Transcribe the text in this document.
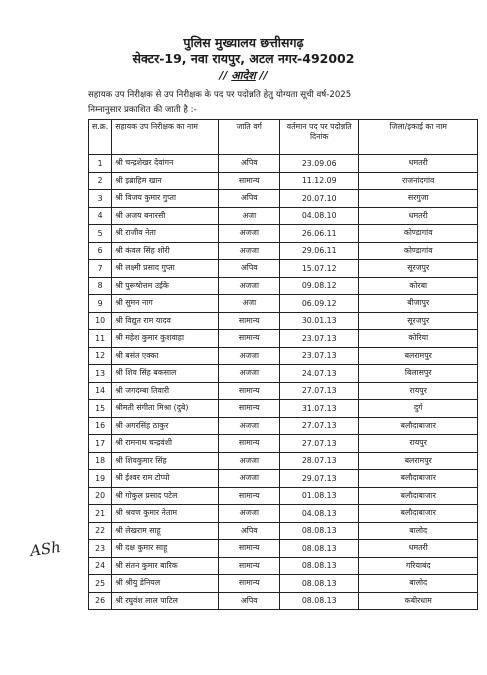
पुलिस मुख्यालय छत्तीसगढ़
सेक्टर-19, नवा रायपुर, अटल नगर-492002
// आदेश //
सहायक उप निरीक्षक से उप निरीक्षक के पद पर पदोन्नति हेतु योग्यता सूची वर्ष-2025
निम्नानुसार प्रकाशित की जाती है :-
स.क्र.	सहायक उप निरीक्षक का नाम	जाति वर्ग	वर्तमान पद पर पदोन्नति दिनांक	जिला/इकाई का नाम
1	श्री चन्द्रशेखर देवांगन	अपिव	23.09.06	धमतरी
2	श्री इब्राहिम खान	सामान्य	11.12.09	राजनांदगांव
3	श्री विजय कुमार गुप्ता	अपिव	20.07.10	सरगुजा
4	श्री अजय बनारसी	अजा	04.08.10	धमतरी
5	श्री राजीव नेता	अजजा	26.06.11	कोण्डागांव
6	श्री कंवल सिंह शोरी	अजजा	29.06.11	कोण्डागांव
7	श्री लक्ष्मी प्रसाद गुप्ता	अपिव	15.07.12	सूरजपुर
8	श्री पुरूषोत्तम उईके	अजजा	09.08.12	कोरबा
9	श्री सुमन नाग	अजा	06.09.12	बीजापुर
10	श्री विद्युत राम यादव	सामान्य	30.01.13	सूरजपुर
11	श्री महेश कुमार कुशवाहा	सामान्य	23.07.13	कोरिया
12	श्री बसंत एक्का	अजजा	23.07.13	बलरामपुर
13	श्री शिव सिंह बकसाल	अजजा	24.07.13	बिलासपुर
14	श्री जगदम्बा तिवारी	सामान्य	27.07.13	रायपुर
15	श्रीमती संगीता मिश्रा (दुबे)	सामान्य	31.07.13	दुर्ग
16	श्री अगरसिंह ठाकुर	अजजा	27.07.13	बलौदाबाजार
17	श्री रामनाथ चन्द्रवंशी	सामान्य	27.07.13	रायपुर
18	श्री शिवकुमार सिंह	अजजा	28.07.13	बलरामपुर
19	श्री ईश्वर राम टोप्पो	अजजा	29.07.13	बलौदाबाजार
20	श्री गोकुल प्रसाद पटेल	सामान्य	01.08.13	बलौदाबाजार
21	श्री श्रवण कुमार नेताम	अजजा	04.08.13	बलौदाबाजार
22	श्री लेखराम साहू	अपिव	08.08.13	बालोद
23	श्री दक्ष कुमार साहू	सामान्य	08.08.13	धमतरी
24	श्री संतन कुमार बारिक	सामान्य	08.08.13	गरियाबंद
25	श्री श्रीयु डेनियल	सामान्य	08.08.13	बालोद
26	श्री रघुवंश लाल पाटिल	अपिव	08.08.13	कबीरधाम
ASh
